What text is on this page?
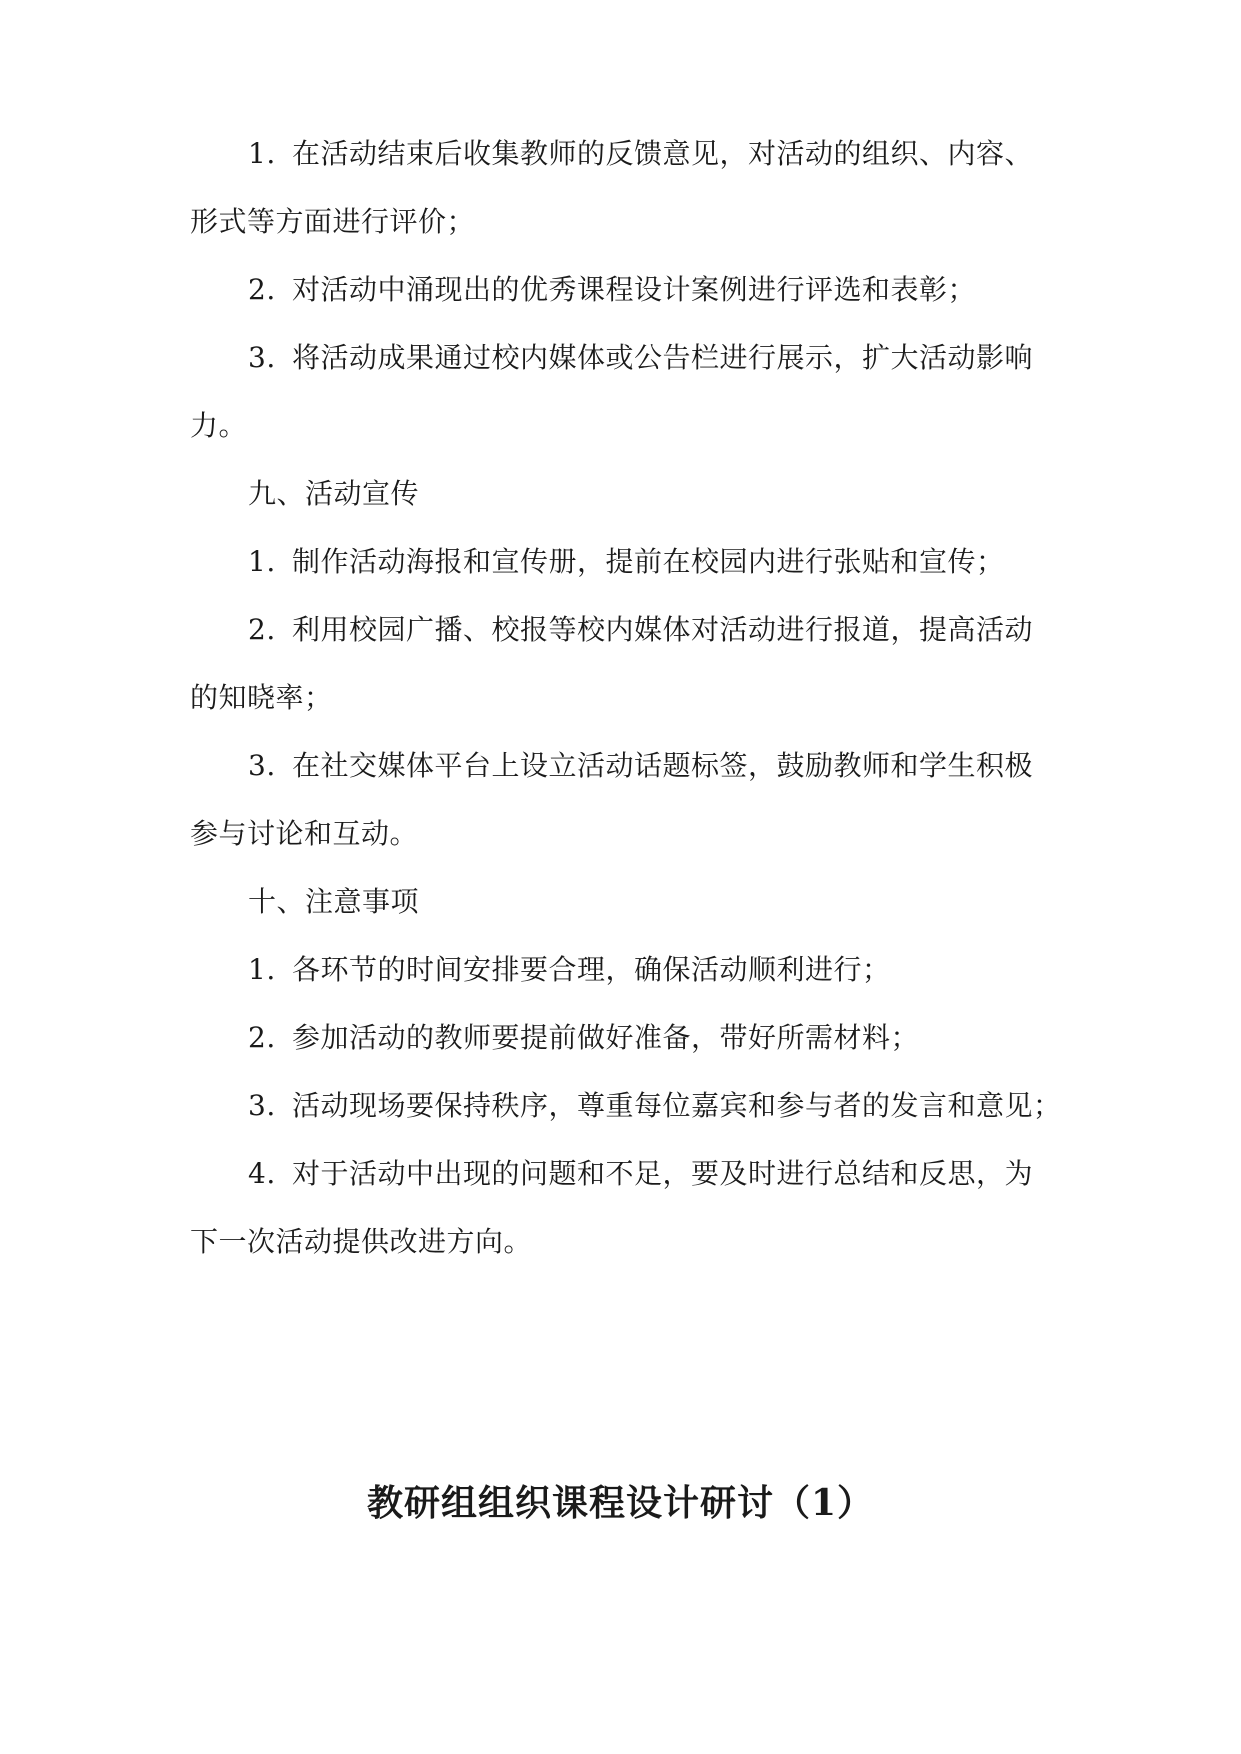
1. 在活动结束后收集教师的反馈意见，对活动的组织、内容、
形式等方面进行评价；
2. 对活动中涌现出的优秀课程设计案例进行评选和表彰；
3. 将活动成果通过校内媒体或公告栏进行展示，扩大活动影响
力。
九、活动宣传
1. 制作活动海报和宣传册，提前在校园内进行张贴和宣传；
2. 利用校园广播、校报等校内媒体对活动进行报道，提高活动
的知晓率；
3. 在社交媒体平台上设立活动话题标签，鼓励教师和学生积极
参与讨论和互动。
十、注意事项
1. 各环节的时间安排要合理，确保活动顺利进行；
2. 参加活动的教师要提前做好准备，带好所需材料；
3. 活动现场要保持秩序，尊重每位嘉宾和参与者的发言和意见；
4. 对于活动中出现的问题和不足，要及时进行总结和反思，为
下一次活动提供改进方向。
教研组组织课程设计研讨（1）
